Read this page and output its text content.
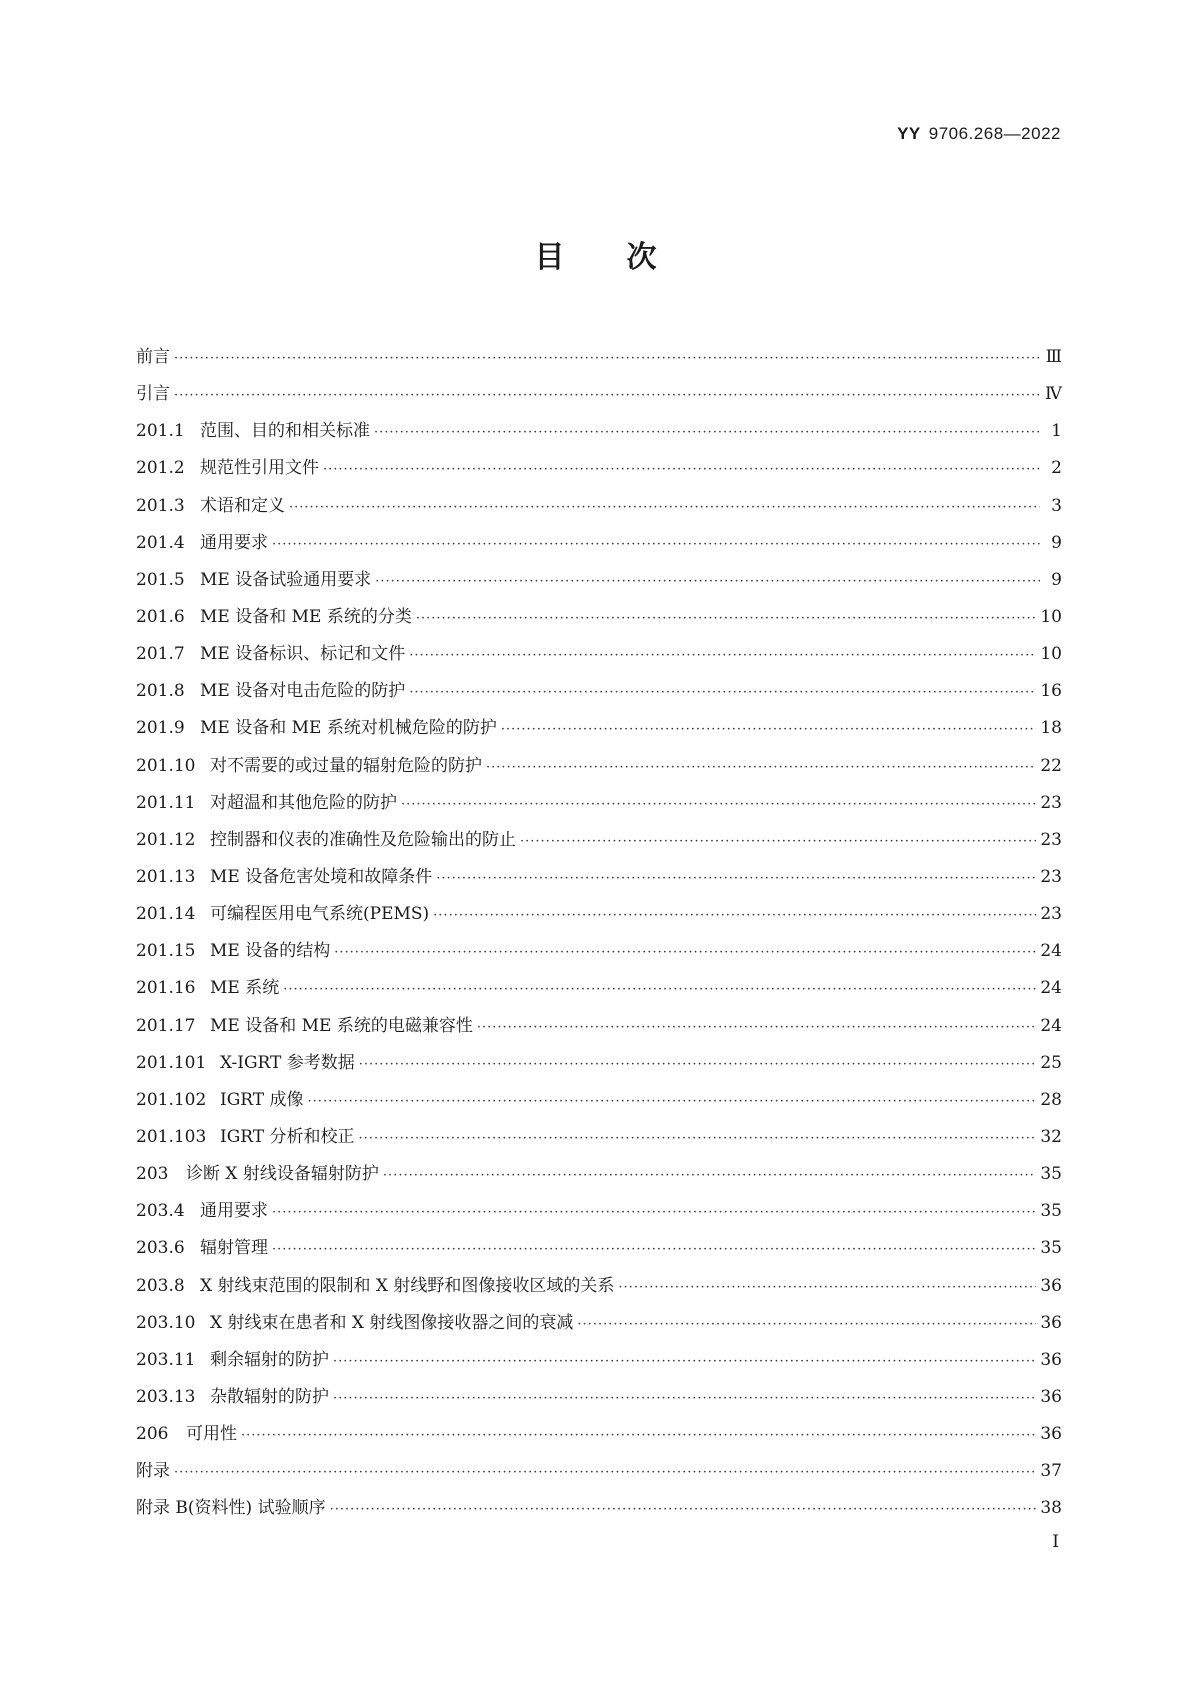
YY 9706.268—2022
目次
前言 ·····	Ⅲ
引言 ·····	Ⅳ
201.1 范围、目的和相关标准 ·····	1
201.2 规范性引用文件 ·····	2
201.3 术语和定义 ·····	3
201.4 通用要求 ·····	9
201.5 ME 设备试验通用要求 ·····	9
201.6 ME 设备和 ME 系统的分类 ·····	10
201.7 ME 设备标识、标记和文件 ·····	10
201.8 ME 设备对电击危险的防护 ·····	16
201.9 ME 设备和 ME 系统对机械危险的防护 ·····	18
201.10 对不需要的或过量的辐射危险的防护 ·····	22
201.11 对超温和其他危险的防护 ·····	23
201.12 控制器和仪表的准确性及危险输出的防止 ·····	23
201.13 ME 设备危害处境和故障条件 ·····	23
201.14 可编程医用电气系统(PEMS) ·····	23
201.15 ME 设备的结构 ·····	24
201.16 ME 系统 ·····	24
201.17 ME 设备和 ME 系统的电磁兼容性 ·····	24
201.101 X-IGRT 参考数据 ·····	25
201.102 IGRT 成像 ·····	28
201.103 IGRT 分析和校正 ·····	32
203	诊断 X 射线设备辐射防护 ·····	35
203.4 通用要求 ·····	35
203.6 辐射管理 ·····	35
203.8 X 射线束范围的限制和 X 射线野和图像接收区域的关系 ·····	36
203.10 X 射线束在患者和 X 射线图像接收器之间的衰减 ·····	36
203.11 剩余辐射的防护 ·····	36
203.13 杂散辐射的防护 ·····	36
206	可用性 ·····	36
附录 ·····	37
附录 B(资料性) 试验顺序 ·····	38
I
